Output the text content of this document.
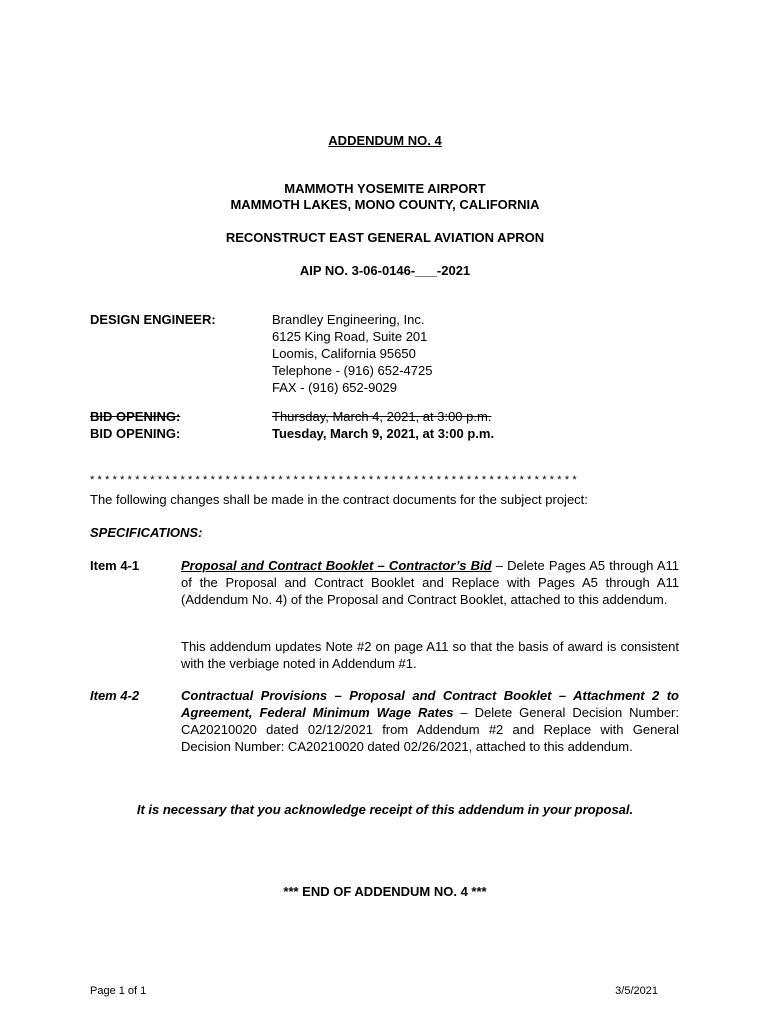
ADDENDUM NO. 4
MAMMOTH YOSEMITE AIRPORT
MAMMOTH LAKES, MONO COUNTY, CALIFORNIA
RECONSTRUCT EAST GENERAL AVIATION APRON
AIP NO. 3-06-0146-___-2021
DESIGN ENGINEER:	Brandley Engineering, Inc.
6125 King Road, Suite 201
Loomis, California 95650
Telephone - (916) 652-4725
FAX - (916) 652-9029
BID OPENING:	Thursday, March 4, 2021, at 3:00 p.m.
BID OPENING:	Tuesday, March 9, 2021, at 3:00 p.m.
* * * * * * * * * * * * * * * * * * * * * * * * * * * * * * * * * * * * * * * * * * * * * * * * * * * * * * * * * * * * * * * * *
The following changes shall be made in the contract documents for the subject project:
SPECIFICATIONS:
Item 4-1	Proposal and Contract Booklet – Contractor’s Bid – Delete Pages A5 through A11 of the Proposal and Contract Booklet and Replace with Pages A5 through A11 (Addendum No. 4) of the Proposal and Contract Booklet, attached to this addendum.
This addendum updates Note #2 on page A11 so that the basis of award is consistent with the verbiage noted in Addendum #1.
Item 4-2	Contractual Provisions – Proposal and Contract Booklet – Attachment 2 to Agreement, Federal Minimum Wage Rates – Delete General Decision Number: CA20210020 dated 02/12/2021 from Addendum #2 and Replace with General Decision Number: CA20210020 dated 02/26/2021, attached to this addendum.
It is necessary that you acknowledge receipt of this addendum in your proposal.
*** END OF ADDENDUM NO. 4 ***
Page 1 of 1	3/5/2021
